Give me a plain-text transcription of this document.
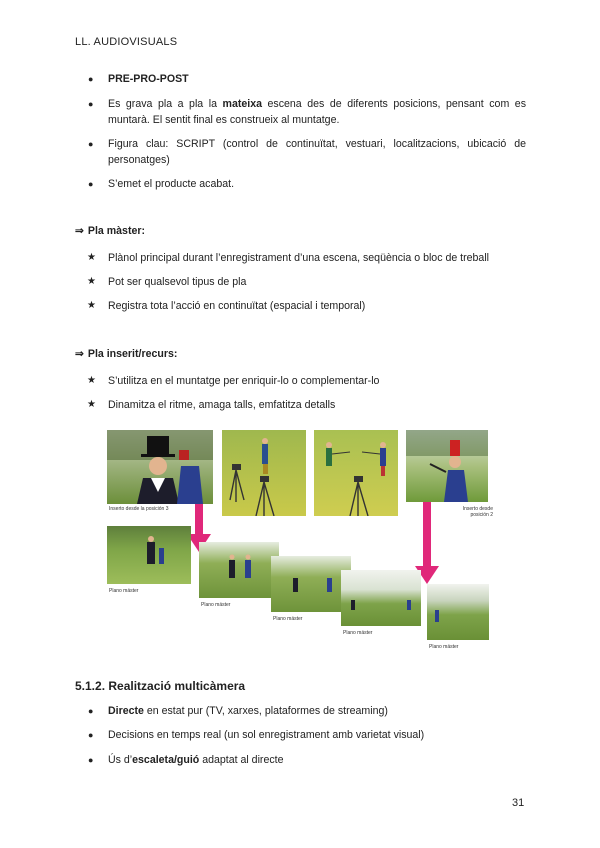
LL. AUDIOVISUALS
● PRE-PRO-POST
● Es grava pla a pla la mateixa escena des de diferents posicions, pensant com es muntarà. El sentit final es construeix al muntatge.
● Figura clau: SCRIPT (control de continuïtat, vestuari, localitzacions, ubicació de personatges)
● S’emet el producte acabat.
⇒ Pla màster:
★ Plànol principal durant l’enregistrament d’una escena, seqüència o bloc de treball
★ Pot ser qualsevol tipus de pla
★ Registra tota l’acció en continuïtat (espacial i temporal)
⇒ Pla inserit/recurs:
★ S’utilitza en el muntatge per enriquir-lo o complementar-lo
★ Dinamitza el ritme, amaga talls, emfatitza detalls
Inserto desde la posición 3	Inserto desde posición 2
Plano máster
Plano máster
Plano máster
Plano máster
Plano máster
5.1.2. Realització multicàmera
● Directe en estat pur (TV, xarxes, plataformes de streaming)
● Decisions en temps real (un sol enregistrament amb varietat visual)
● Ús d’escaleta/guió adaptat al directe
31
